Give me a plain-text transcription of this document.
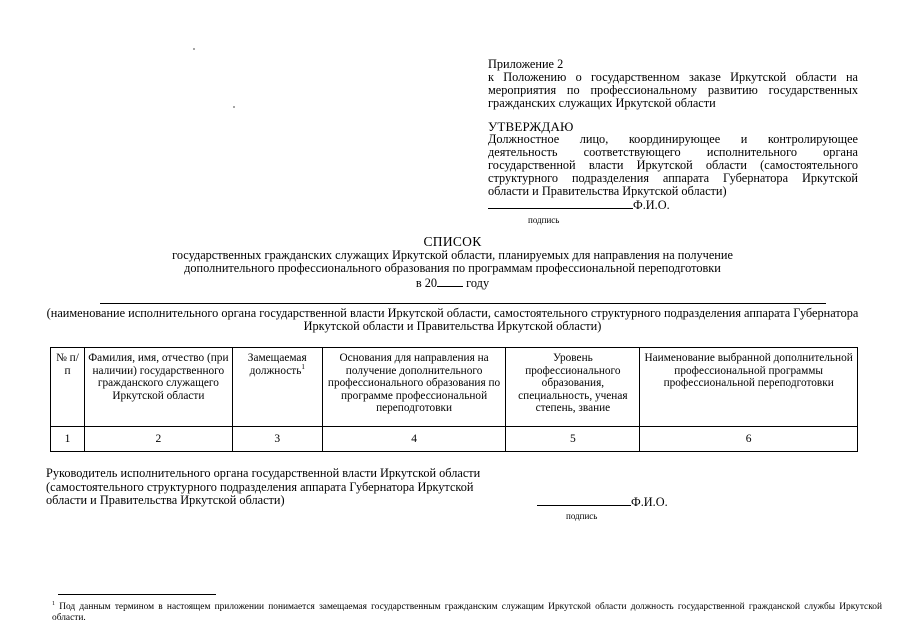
Приложение 2
к Положению о государственном заказе Иркутской области на мероприятия по профессиональному развитию государственных гражданских служащих Иркутской области
УТВЕРЖДАЮ
Должностное лицо, координирующее и контролирующее деятельность соответствующего исполнительного органа государственной власти Иркутской области (самостоятельного структурного подразделения аппарата Губернатора Иркутской области и Правительства Иркутской области)
Ф.И.О.
подпись
СПИСОК
государственных гражданских служащих Иркутской области, планируемых для направления на получение
дополнительного профессионального образования по программам профессиональной переподготовки
в 20 году
(наименование исполнительного органа государственной власти Иркутской области, самостоятельного структурного подразделения аппарата Губернатора Иркутской области и Правительства Иркутской области)
№ п/п	Фамилия, имя, отчество (при наличии) государственного гражданского служащего Иркутской области	Замещаемая должность$^1$	Основания для направления на получение дополнительного профессионального образования по программе профессиональной переподготовки	Уровень профессионального образования, специальность, ученая степень, звание	Наименование выбранной дополнительной профессиональной программы профессиональной переподготовки
1	2	3	4	5	6
Руководитель исполнительного органа государственной власти Иркутской области (самостоятельного структурного подразделения аппарата Губернатора Иркутской области и Правительства Иркутской области)	Ф.И.О.
подпись
$^1$ Под данным термином в настоящем приложении понимается замещаемая государственным гражданским служащим Иркутской области должность государственной гражданской службы Иркутской области.
